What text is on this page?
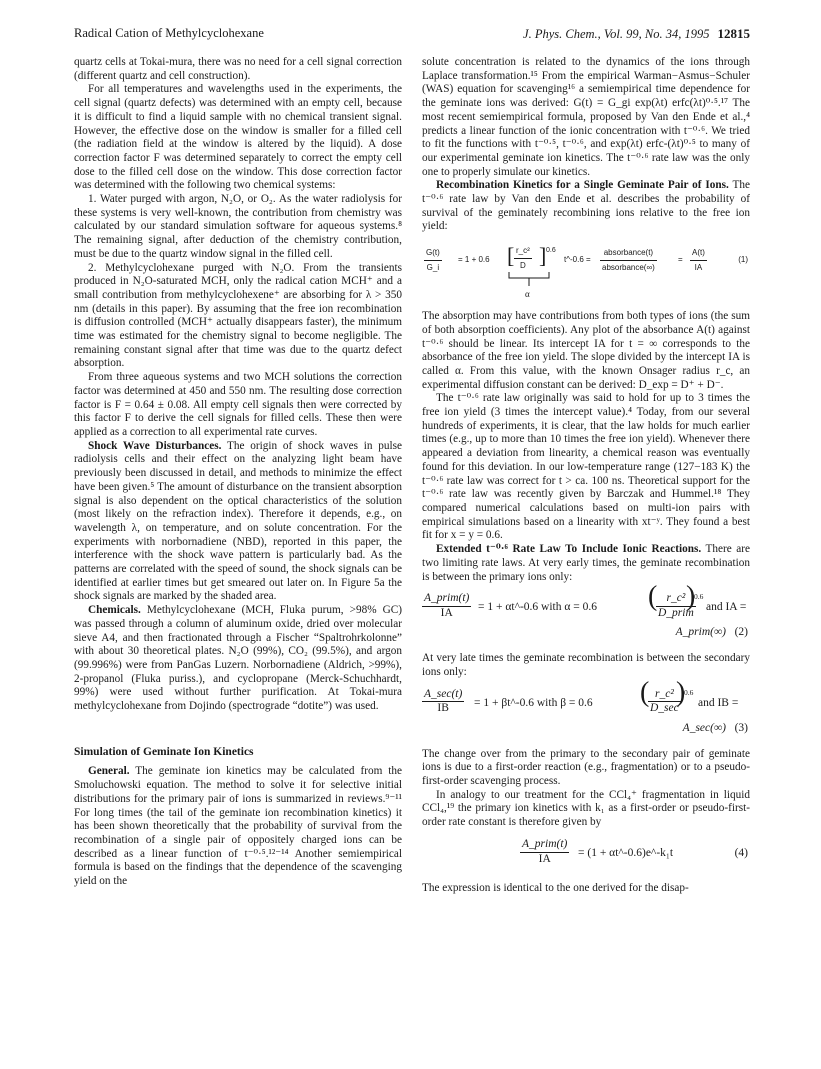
Radical Cation of Methylcyclohexane	J. Phys. Chem., Vol. 99, No. 34, 1995 12815

quartz cells at Tokai-mura, there was no need for a cell signal correction (different quartz and cell construction).

For all temperatures and wavelengths used in the experiments, the cell signal (quartz defects) was determined with an empty cell, because it is difficult to find a liquid sample with no chemical transient signal. However, the effective dose on the window is smaller for a filled cell (the radiation field at the window is altered by the liquid). A dose correction factor F was determined separately to correct the empty cell dose to the filled cell dose on the window. This dose correction factor was determined with the following two chemical systems:

1. Water purged with argon, N₂O, or O₂. As the water radiolysis for these systems is very well-known, the contribution from chemistry was calculated by our standard simulation software for aqueous systems.⁸ The remaining signal, after deduction of the chemistry contribution, must be due to the quartz window signal in the filled cell.

2. Methylcyclohexane purged with N₂O. From the transients produced in N₂O-saturated MCH, only the radical cation MCH⁺ and a small contribution from methylcyclohexene⁺ are absorbing for λ > 350 nm (details in this paper). By assuming that the free ion recombination is diffusion controlled (MCH⁺ actually disappears faster), the minimum time was estimated for the chemistry signal to become negligible. The remaining constant signal after that time was due to the quartz defect absorption.

From three aqueous systems and two MCH solutions the correction factor was determined at 450 and 550 nm. The resulting dose correction factor is F = 0.64 ± 0.08. All empty cell signals then were corrected by this factor F to derive the cell signals for filled cells. These then were applied as a correction to all experimental rate curves.

Shock Wave Disturbances. The origin of shock waves in pulse radiolysis cells and their effect on the analyzing light beam have previously been discussed in detail, and methods to minimize the effect have been given.⁵ The amount of disturbance on the transient absorption signal is also dependent on the optical characteristics of the solution (most likely on the refraction index). Therefore it depends, e.g., on wavelength λ, on temperature, and on solute concentration. For the experiments with norbornadiene (NBD), reported in this paper, the interference with the shock wave pattern is particularly bad. As the patterns are correlated with the speed of sound, the shock signals can be identified at earlier times but get smeared out later on. In Figure 5a the shock signals are marked by the shaded area.

Chemicals. Methylcyclohexane (MCH, Fluka purum, >98% GC) was passed through a column of aluminum oxide, dried over molecular sieve A4, and then fractionated through a Fischer “Spaltrohrkolonne” with about 30 theoretical plates. N₂O (99%), CO₂ (99.5%), and argon (99.996%) were from PanGas Luzern. Norbornadiene (Aldrich, >99%), 2-propanol (Fluka puriss.), and cyclopropane (Merck-Schuchhardt, 99%) were used without further purification. At Tokai-mura methylcyclohexane from Dojindo (spectrograde “dotite”) was used.

Simulation of Geminate Ion Kinetics

General. The geminate ion kinetics may be calculated from the Smoluchowski equation. The method to solve it for selective initial distributions for the primary pair of ions is summarized in reviews.⁹⁻¹¹ For long times (the tail of the geminate ion recombination kinetics) it has been shown theoretically that the probability of survival from the recombination of a single pair of oppositely charged ions can be described as a linear function of t⁻⁰·⁵.¹²⁻¹⁴ Another semiempirical formula is based on the findings that the dependence of the scavenging yield on the

solute concentration is related to the dynamics of the ions through Laplace transformation.¹⁵ From the empirical Warman−Asmus−Schuler (WAS) equation for scavenging¹⁶ a semiempirical time dependence for the geminate ions was derived: G(t) = G_gi exp(λt) erfc(λt)⁰·⁵.¹⁷ The most recent semiempirical formula, proposed by Van den Ende et al.,⁴ predicts a linear function of the ionic concentration with t⁻⁰·⁶. We tried to fit the functions with t⁻⁰·⁵, t⁻⁰·⁶, and exp(λt) erfc-(λt)⁰·⁵ to many of our experimental geminate ion kinetics. The t⁻⁰·⁶ rate law was the only one to properly simulate our kinetics.

Recombination Kinetics for a Single Geminate Pair of Ions. The t⁻⁰·⁶ rate law by Van den Ende et al. describes the probability of survival of the geminately recombining ions relative to the free ion yield:

$\frac{G(t)}{G\_i} = 1 + 0.6$ [ $\frac{\text{r\_c²}}{D}$ ] 0.6
t^-0.6 =
absorbance(t)
absorbance(∞)
= $\frac{A(t)}{IA}$	(1)
α

The absorption may have contributions from both types of ions (the sum of both absorption coefficients). Any plot of the absorbance A(t) against t⁻⁰·⁶ should be linear. Its intercept IA for t = ∞ corresponds to the absorbance of the free ion yield. The slope divided by the intercept IA is called α. From this value, with the known Onsager radius r_c, an experimental diffusion constant can be derived: D_exp = D⁺ + D⁻.

The t⁻⁰·⁶ rate law originally was said to hold for up to 3 times the free ion yield (3 times the intercept value).⁴ Today, from our several hundreds of experiments, it is clear, that the law holds for much earlier times (e.g., up to more than 10 times the free ion yield). Whenever there appeared a deviation from linearity, a chemical reason was eventually found for this deviation. In our low-temperature range (127−183 K) the t⁻⁰·⁶ rate law was correct for t > ca. 100 ns. Theoretical support for the t⁻⁰·⁶ rate law was recently given by Barczak and Hummel.¹⁸ They compared numerical calculations based on multi-ion pairs with empirical simulations based on a linearity with xt⁻ʸ. They found a best fit for x = y = 0.6.

Extended t⁻⁰·⁶ Rate Law To Include Ionic Reactions. There are two limiting rate laws. At very early times, the geminate recombination is between the primary ions only:

A_prim(t)
IA	= 1 + αt^-0.6 with α = 0.6 ( r_c²
D_prim
)
0.6
and IA =
A_prim(∞) (2)

At very late times the geminate recombination is between the secondary ions only:

A_sec(t)
IB	= 1 + βt^-0.6 with β = 0.6 ( r_c²
D_sec
)
0.6
and IB =
A_sec(∞) (3)

The change over from the primary to the secondary pair of geminate ions is due to a first-order reaction (e.g., fragmentation) or to a pseudo-first-order scavenging process.

In analogy to our treatment for the CCl₄⁺ fragmentation in liquid CCl₄,¹⁹ the primary ion kinetics with k₁ as a first-order or pseudo-first-order rate constant is therefore given by

A_prim(t)
IA	= (1 + αt^-0.6)e^-k₁t	(4)

The expression is identical to the one derived for the disap-
